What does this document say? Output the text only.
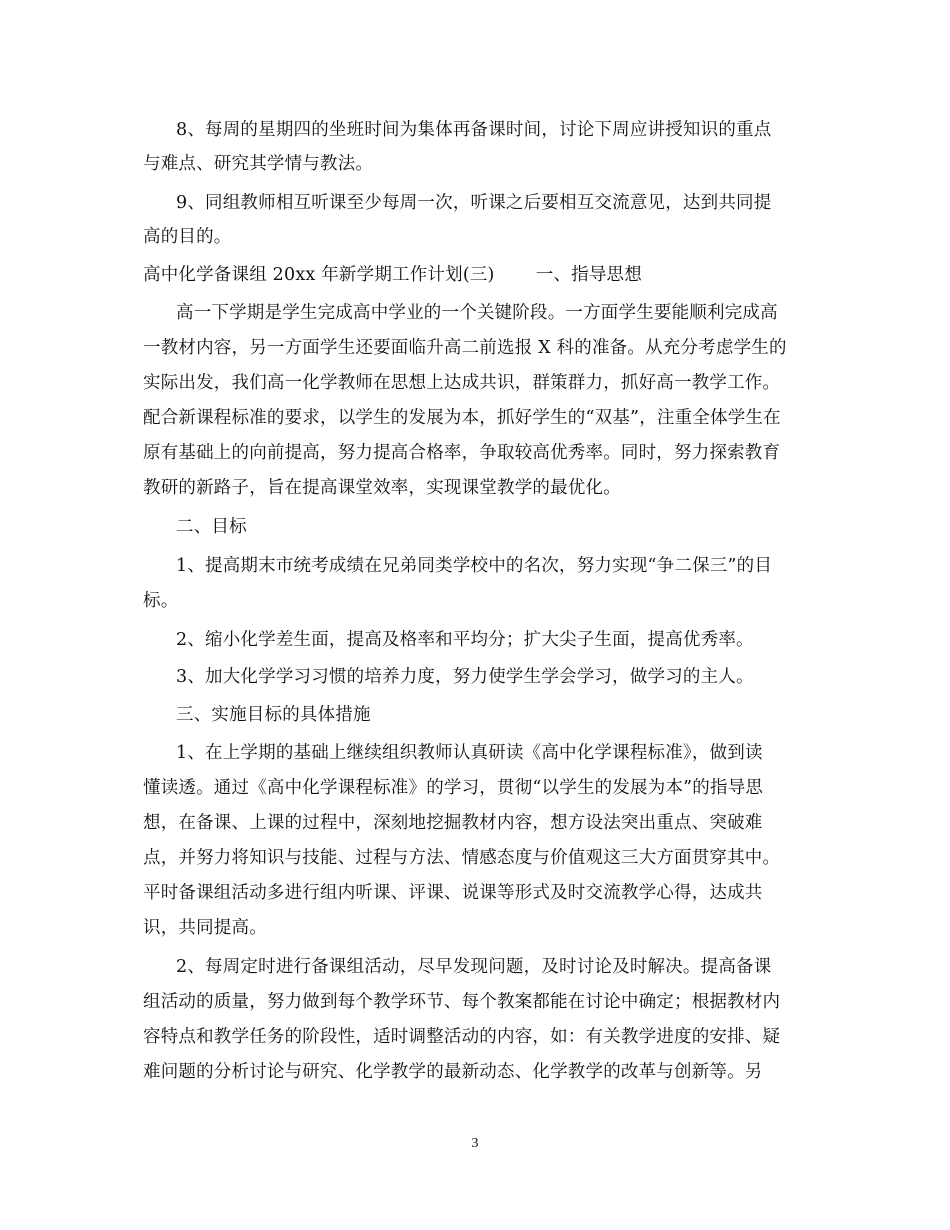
8、每周的星期四的坐班时间为集体再备课时间，讨论下周应讲授知识的重点
与难点、研究其学情与教法。
9、同组教师相互听课至少每周一次，听课之后要相互交流意见，达到共同提
高的目的。
高中化学备课组 20xx 年新学期工作计划(三)　　 一、指导思想
高一下学期是学生完成高中学业的一个关键阶段。一方面学生要能顺利完成高
一教材内容，另一方面学生还要面临升高二前选报 X 科的准备。从充分考虑学生的
实际出发，我们高一化学教师在思想上达成共识，群策群力，抓好高一教学工作。
配合新课程标准的要求，以学生的发展为本，抓好学生的“双基”，注重全体学生在
原有基础上的向前提高，努力提高合格率，争取较高优秀率。同时，努力探索教育
教研的新路子，旨在提高课堂效率，实现课堂教学的最优化。
二、目标
1、提高期末市统考成绩在兄弟同类学校中的名次，努力实现“争二保三”的目
标。
2、缩小化学差生面，提高及格率和平均分；扩大尖子生面，提高优秀率。
3、加大化学学习习惯的培养力度，努力使学生学会学习，做学习的主人。
三、实施目标的具体措施
1、在上学期的基础上继续组织教师认真研读《高中化学课程标准》，做到读
懂读透。通过《高中化学课程标准》的学习，贯彻“以学生的发展为本”的指导思
想，在备课、上课的过程中，深刻地挖掘教材内容，想方设法突出重点、突破难
点，并努力将知识与技能、过程与方法、情感态度与价值观这三大方面贯穿其中。
平时备课组活动多进行组内听课、评课、说课等形式及时交流教学心得，达成共
识，共同提高。
2、每周定时进行备课组活动，尽早发现问题，及时讨论及时解决。提高备课
组活动的质量，努力做到每个教学环节、每个教案都能在讨论中确定；根据教材内
容特点和教学任务的阶段性，适时调整活动的内容，如：有关教学进度的安排、疑
难问题的分析讨论与研究、化学教学的最新动态、化学教学的改革与创新等。另
3
